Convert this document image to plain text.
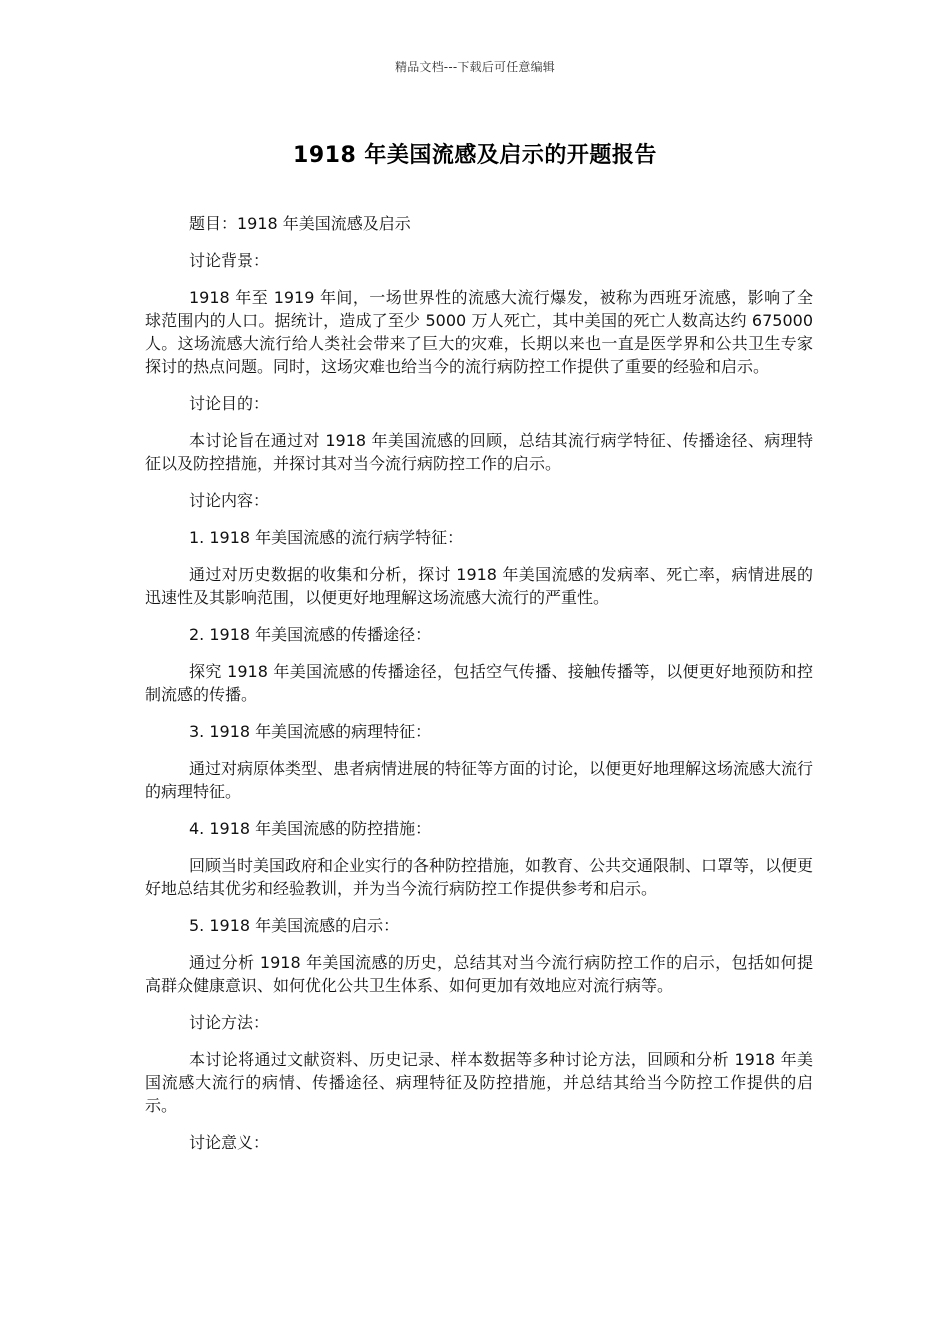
精品文档---下载后可任意编辑
1918 年美国流感及启示的开题报告

题目：1918 年美国流感及启示

讨论背景：

1918 年至 1919 年间，一场世界性的流感大流行爆发，被称为西班牙流感，影响了全球范围内的人口。据统计，造成了至少 5000 万人死亡，其中美国的死亡人数高达约 675000 人。这场流感大流行给人类社会带来了巨大的灾难，长期以来也一直是医学界和公共卫生专家探讨的热点问题。同时，这场灾难也给当今的流行病防控工作提供了重要的经验和启示。

讨论目的：

本讨论旨在通过对 1918 年美国流感的回顾，总结其流行病学特征、传播途径、病理特征以及防控措施，并探讨其对当今流行病防控工作的启示。

讨论内容：

1. 1918 年美国流感的流行病学特征：

通过对历史数据的收集和分析，探讨 1918 年美国流感的发病率、死亡率，病情进展的迅速性及其影响范围，以便更好地理解这场流感大流行的严重性。

2. 1918 年美国流感的传播途径：

探究 1918 年美国流感的传播途径，包括空气传播、接触传播等，以便更好地预防和控制流感的传播。

3. 1918 年美国流感的病理特征：

通过对病原体类型、患者病情进展的特征等方面的讨论，以便更好地理解这场流感大流行的病理特征。

4. 1918 年美国流感的防控措施：

回顾当时美国政府和企业实行的各种防控措施，如教育、公共交通限制、口罩等，以便更好地总结其优劣和经验教训，并为当今流行病防控工作提供参考和启示。

5. 1918 年美国流感的启示：

通过分析 1918 年美国流感的历史，总结其对当今流行病防控工作的启示，包括如何提高群众健康意识、如何优化公共卫生体系、如何更加有效地应对流行病等。

讨论方法：

本讨论将通过文献资料、历史记录、样本数据等多种讨论方法，回顾和分析 1918 年美国流感大流行的病情、传播途径、病理特征及防控措施，并总结其给当今防控工作提供的启示。

讨论意义：
